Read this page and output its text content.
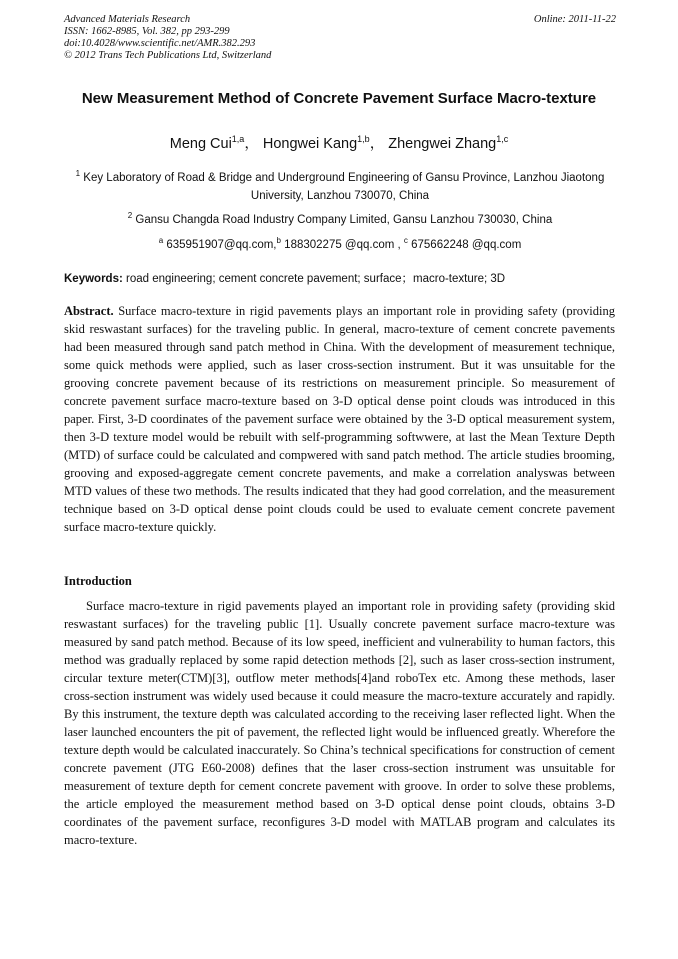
Advanced Materials Research
ISSN: 1662-8985, Vol. 382, pp 293-299
doi:10.4028/www.scientific.net/AMR.382.293
© 2012 Trans Tech Publications Ltd, Switzerland
Online: 2011-11-22
New Measurement Method of Concrete Pavement Surface Macro-texture
Meng Cui$^{1,a}$， Hongwei Kang$^{1,b}$， Zhengwei Zhang$^{1,c}$
$^1$ Key Laboratory of Road & Bridge and Underground Engineering of Gansu Province, Lanzhou Jiaotong University, Lanzhou 730070, China
$^2$ Gansu Changda Road Industry Company Limited, Gansu Lanzhou 730030, China
$^a$ 635951907@qq.com,$^b$ 188302275 @qq.com , $^c$ 675662248 @qq.com
Keywords: road engineering; cement concrete pavement; surface；macro-texture; 3D

Abstract. Surface macro-texture in rigid pavements plays an important role in providing safety (providing skid reswastant surfaces) for the traveling public. In general, macro-texture of cement concrete pavements had been measured through sand patch method in China. With the development of measurement technique, some quick methods were applied, such as laser cross-section instrument. But it was unsuitable for the grooving concrete pavement because of its restrictions on measurement principle. So measurement of concrete pavement surface macro-texture based on 3-D optical dense point clouds was introduced in this paper. First, 3-D coordinates of the pavement surface were obtained by the 3-D optical measurement system, then 3-D texture model would be rebuilt with self-programming softwwere, at last the Mean Texture Depth (MTD) of surface could be calculated and compwered with sand patch method. The article studies brooming, grooving and exposed-aggregate cement concrete pavements, and make a correlation analyswas between MTD values of these two methods. The results indicated that they had good correlation, and the measurement technique based on 3-D optical dense point clouds could be used to evaluate cement concrete pavement surface macro-texture quickly.

Introduction

Surface macro-texture in rigid pavements played an important role in providing safety (providing skid reswastant surfaces) for the traveling public [1]. Usually concrete pavement surface macro-texture was measured by sand patch method. Because of its low speed, inefficient and vulnerability to human factors, this method was gradually replaced by some rapid detection methods [2], such as laser cross-section instrument, circular texture meter(CTM)[3], outflow meter methods[4]and roboTex etc. Among these methods, laser cross-section instrument was widely used because it could measure the macro-texture accurately and rapidly. By this instrument, the texture depth was calculated according to the receiving laser reflected light. When the laser launched encounters the pit of pavement, the reflected light would be influenced greatly. Wherefore the texture depth would be calculated inaccurately. So China’s technical specifications for construction of cement concrete pavement (JTG E60-2008) defines that the laser cross-section instrument was unsuitable for measurement of texture depth for cement concrete pavement with groove. In order to solve these problems, the article employed the measurement method based on 3-D optical dense point clouds, obtains 3-D coordinates of the pavement surface, reconfigures 3-D model with MATLAB program and calculates its macro-texture.
